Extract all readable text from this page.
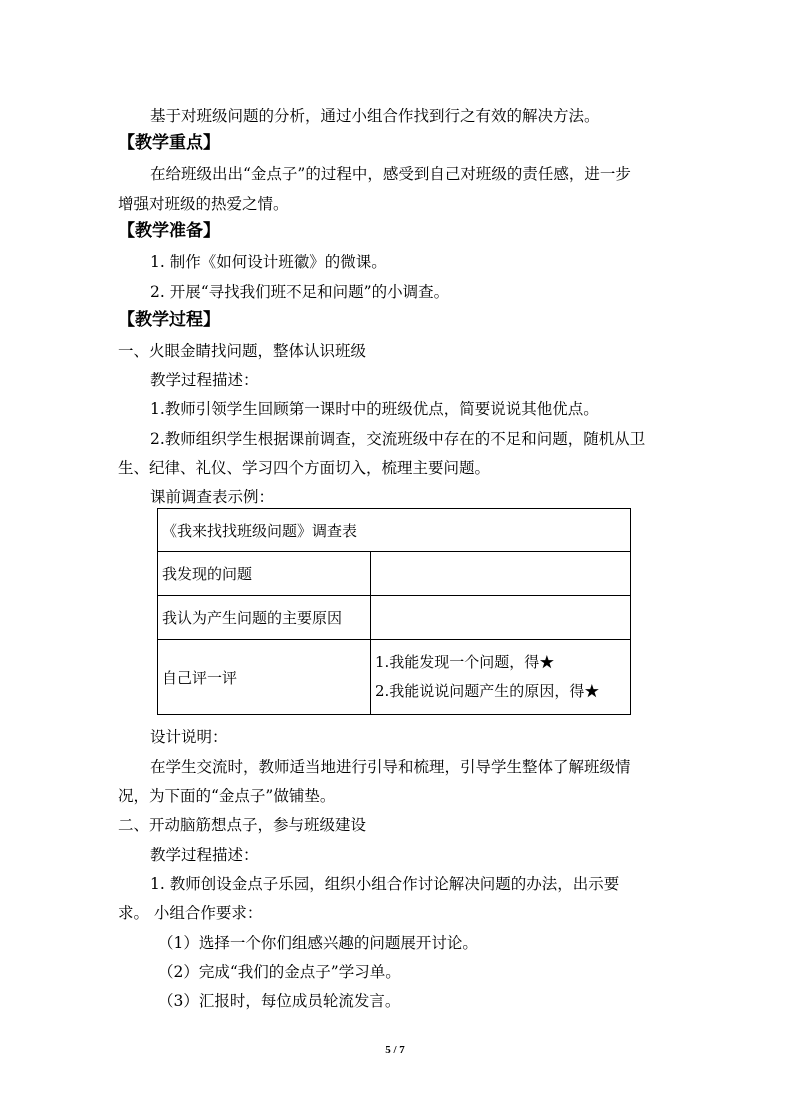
基于对班级问题的分析，通过小组合作找到行之有效的解决方法。
【教学重点】
在给班级出出“金点子”的过程中，感受到自己对班级的责任感，进一步
增强对班级的热爱之情。
【教学准备】
1. 制作《如何设计班徽》的微课。
2. 开展“寻找我们班不足和问题”的小调查。
【教学过程】
一、火眼金睛找问题，整体认识班级
教学过程描述：
1.教师引领学生回顾第一课时中的班级优点，简要说说其他优点。
2.教师组织学生根据课前调查，交流班级中存在的不足和问题，随机从卫
生、纪律、礼仪、学习四个方面切入，梳理主要问题。
课前调查表示例：
《我来找找班级问题》调查表	
我发现的问题	
我认为产生问题的主要原因	
自己评一评	1.我能发现一个问题，得★
2.我能说说问题产生的原因，得★
设计说明：
在学生交流时，教师适当地进行引导和梳理，引导学生整体了解班级情
况，为下面的“金点子”做铺垫。
二、开动脑筋想点子，参与班级建设
教学过程描述：
1. 教师创设金点子乐园，组织小组合作讨论解决问题的办法，出示要
求。 小组合作要求：
（1）选择一个你们组感兴趣的问题展开讨论。
（2）完成“我们的金点子”学习单。
（3）汇报时，每位成员轮流发言。
5 / 7
